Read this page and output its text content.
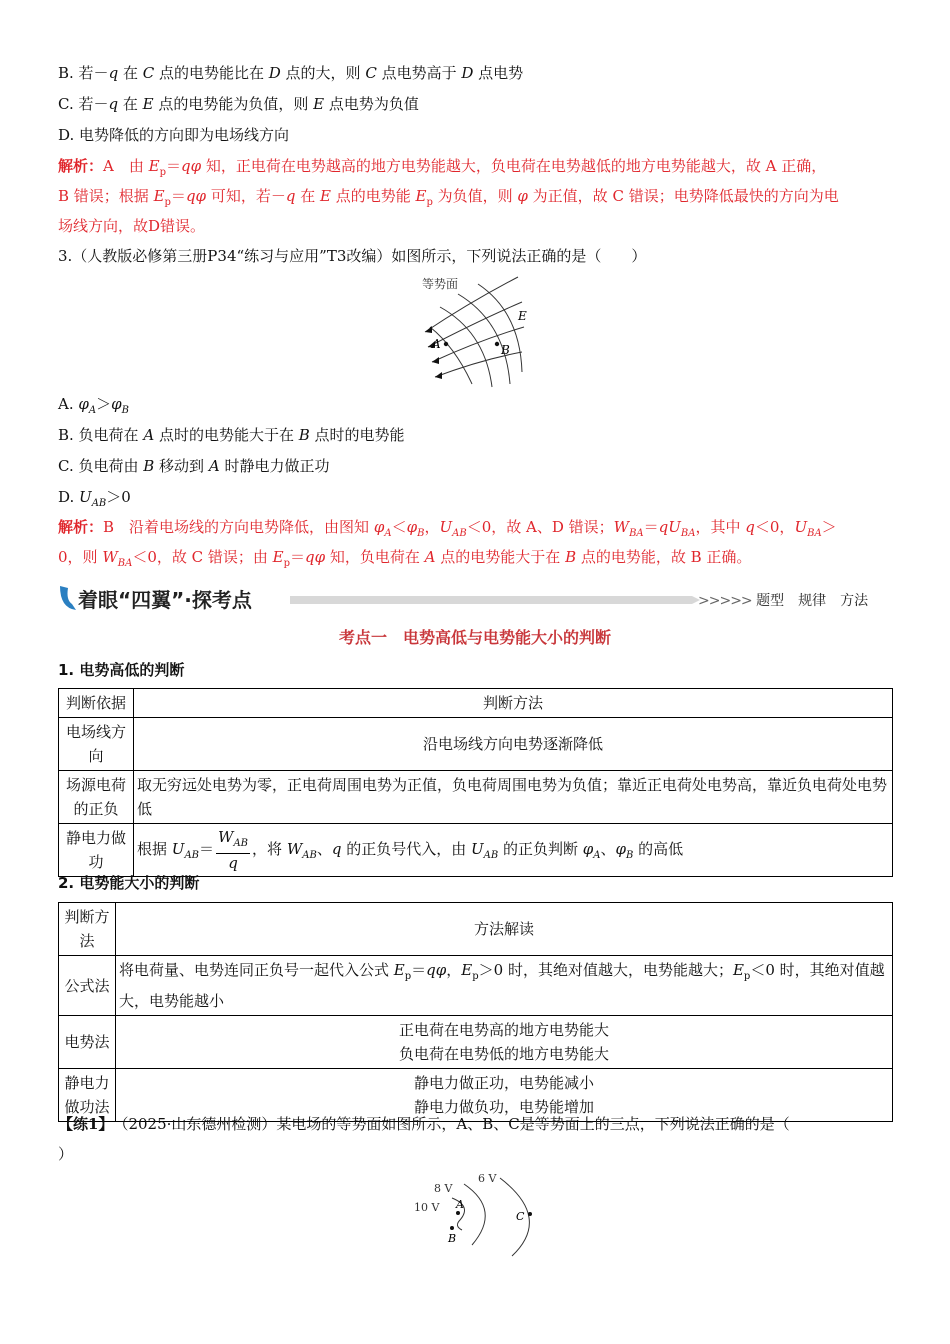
B. 若－q 在 C 点的电势能比在 D 点的大，则 C 点电势高于 D 点电势
C. 若－q 在 E 点的电势能为负值，则 E 点电势为负值
D. 电势降低的方向即为电场线方向
解析：A　由 $E_p=q\varphi$ 知，正电荷在电势越高的地方电势能越大，负电荷在电势越低的地方电势能越大，故 A 正确，
B 错误；根据 $E_p=q\varphi$ 可知，若－q 在 E 点的电势能 $E_p$ 为负值，则 φ 为正值，故 C 错误；电势降低最快的方向为电
场线方向，故D错误。
3.（人教版必修第三册P34“练习与应用”T3改编）如图所示，下列说法正确的是（　　）
等势面
A	B
E
A. $\varphi_A>\varphi_B$
B. 负电荷在 A 点时的电势能大于在 B 点时的电势能
C. 负电荷由 B 移动到 A 时静电力做正功
D. $U_{AB}>0$
解析：B　沿着电场线的方向电势降低，由图知 $\varphi_A<\varphi_B$，$U_{AB}<0$，故 A、D 错误；$W_{BA}=qU_{BA}$，其中 q＜0，$U_{BA}>$
0，则 $W_{BA}<0$，故 C 错误；由 $E_p=q\varphi$ 知，负电荷在 A 点的电势能大于在 B 点的电势能，故 B 正确。
着眼“四翼”·探考点	>>>>> 题型　规律　方法
考点一　电势高低与电势能大小的判断
1. 电势高低的判断
判断依据	判断方法
电场线方向	沿电场线方向电势逐渐降低
场源电荷的正负	取无穷远处电势为零，正电荷周围电势为正值，负电荷周围电势为负值；靠近正电荷处电势高，靠近负电荷处电势低
静电力做功	根据 $U_{AB}= \frac{W_{AB}}{q}$ ，将 $W_{AB}$、q 的正负号代入，由 $U_{AB}$ 的正负判断 $\varphi_A$、$\varphi_B$ 的高低
2. 电势能大小的判断
判断方法	方法解读
公式法	将电荷量、电势连同正负号一起代入公式 $E_p=q\varphi$，$E_p>0$ 时，其绝对值越大，电势能越大；$E_p<0$ 时，其绝对值越大，电势能越小
电势法	正电荷在电势高的地方电势能大
负电荷在电势低的地方电势能大

静电力做功法	静电力做正功，电势能减小
静电力做负功，电势能增加
【练1】　 （2025·山东德州检测）某电场的等势面如图所示，A、B、C是等势面上的三点，下列说法正确的是（
）
6 V
8 V
10 V A
B
C
